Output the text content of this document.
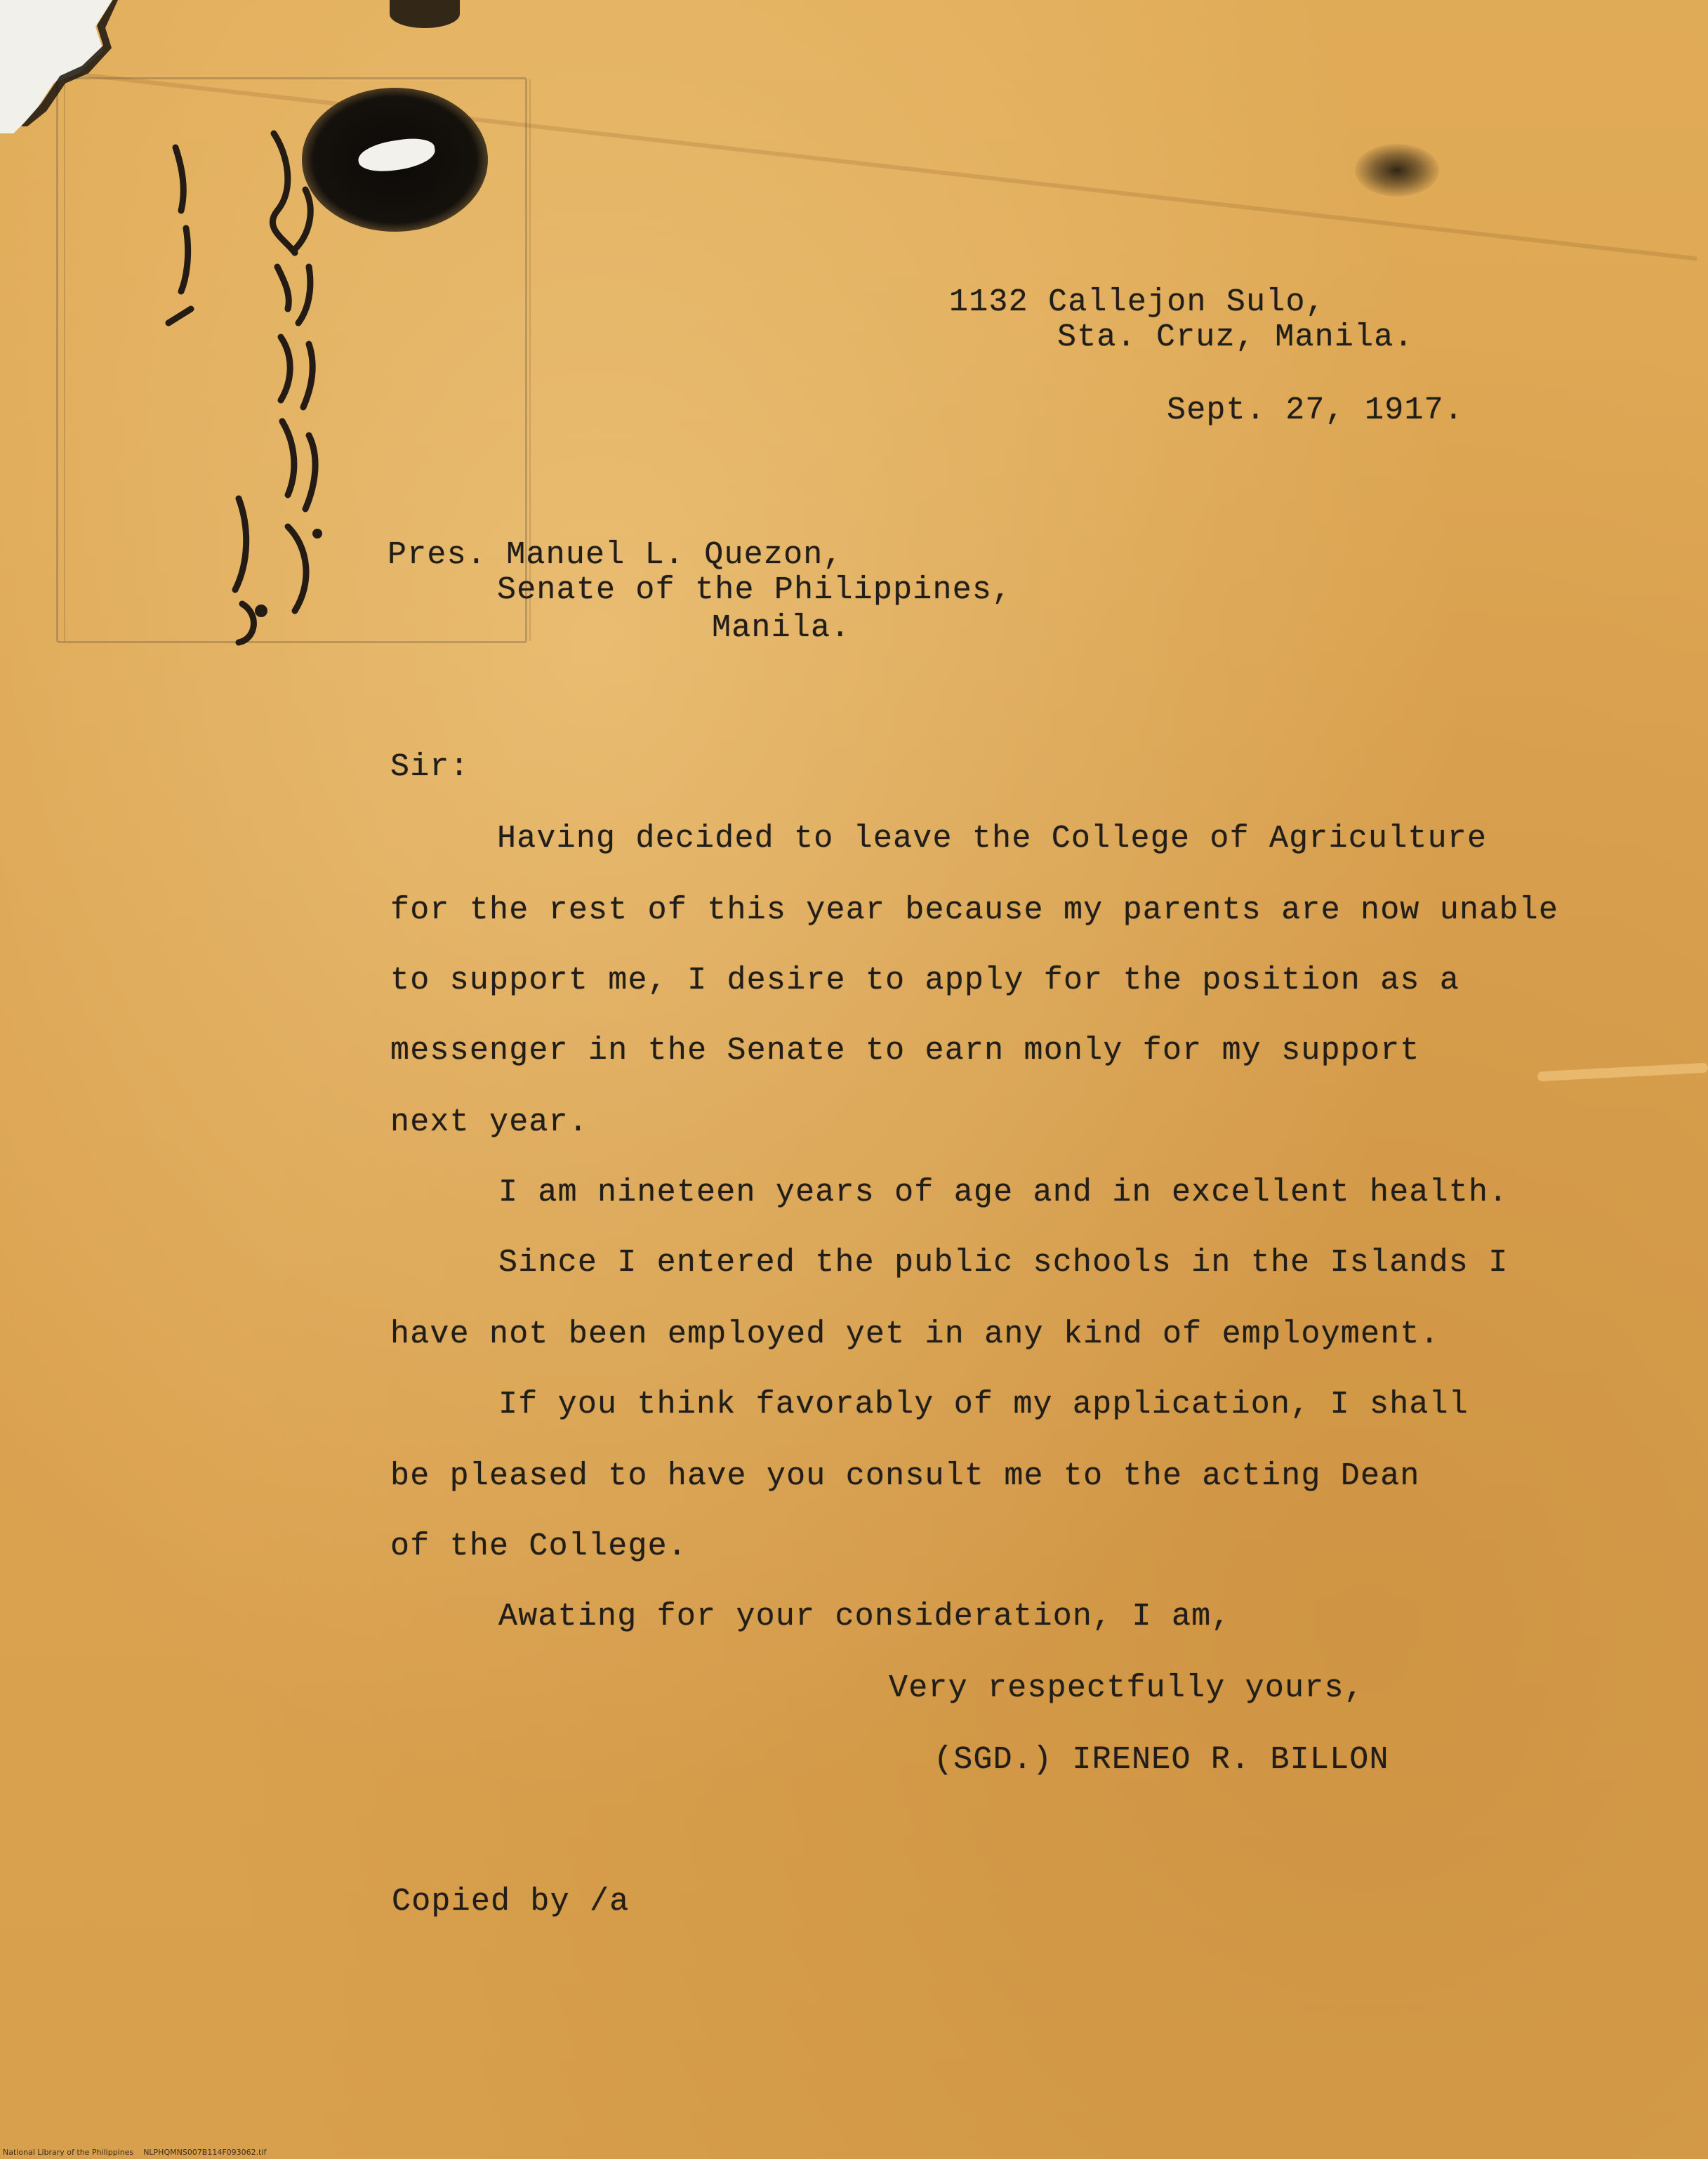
1132 Callejon Sulo,
Sta. Cruz, Manila.
Sept. 27, 1917.
Pres. Manuel L. Quezon,
Senate of the Philippines,
Manila.
Sir:
Having decided to leave the College of Agriculture
for the rest of this year because my parents are now unable
to support me, I desire to apply for the position as a
messenger in the Senate to earn monly for my support
next year.
I am nineteen years of age and in excellent health.
Since I entered the public schools in the Islands I
have not been employed yet in any kind of employment.
If you think favorably of my application, I shall
be pleased to have you consult me to the acting Dean
of the College.
Awating for your consideration, I am,
Very respectfully yours,
(SGD.) IRENEO R. BILLON
Copied by /a
National Library of the Philippines    NLPHQMNS007B114F093062.tif
